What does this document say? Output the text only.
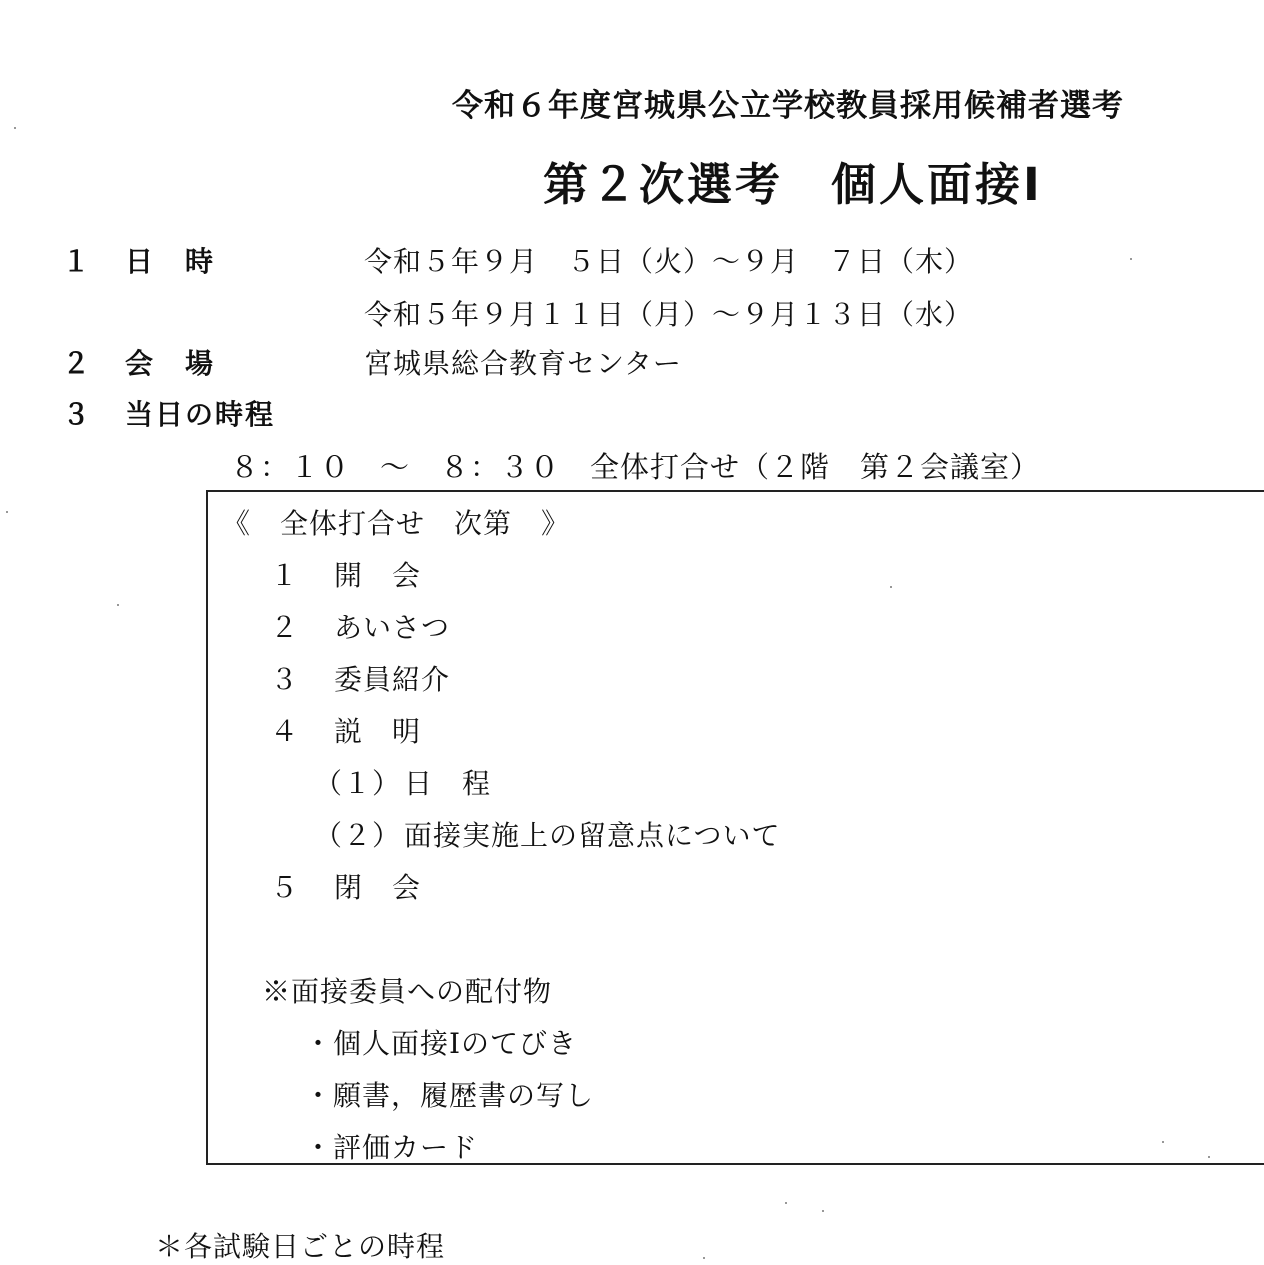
令和６年度宮城県公立学校教員採用候補者選考
第２次選考　個人面接Ⅰ
１ 日　時	令和５年９月　５日（火）～９月　７日（木）
令和５年９月１１日（月）～９月１３日（水）
２ 会　場	宮城県総合教育センター
３ 当日の時程
８：１０　～　８：３０ 全体打合せ（２階　第２会議室）
《　全体打合せ　次第　》
１ 開　会
２ あいさつ
３ 委員紹介
４ 説　明
（１） 日　程
（２） 面接実施上の留意点について
５ 閉　会
※面接委員への配付物
・個人面接Ⅰのてびき
・願書，履歴書の写し
・評価カード
＊各試験日ごとの時程
